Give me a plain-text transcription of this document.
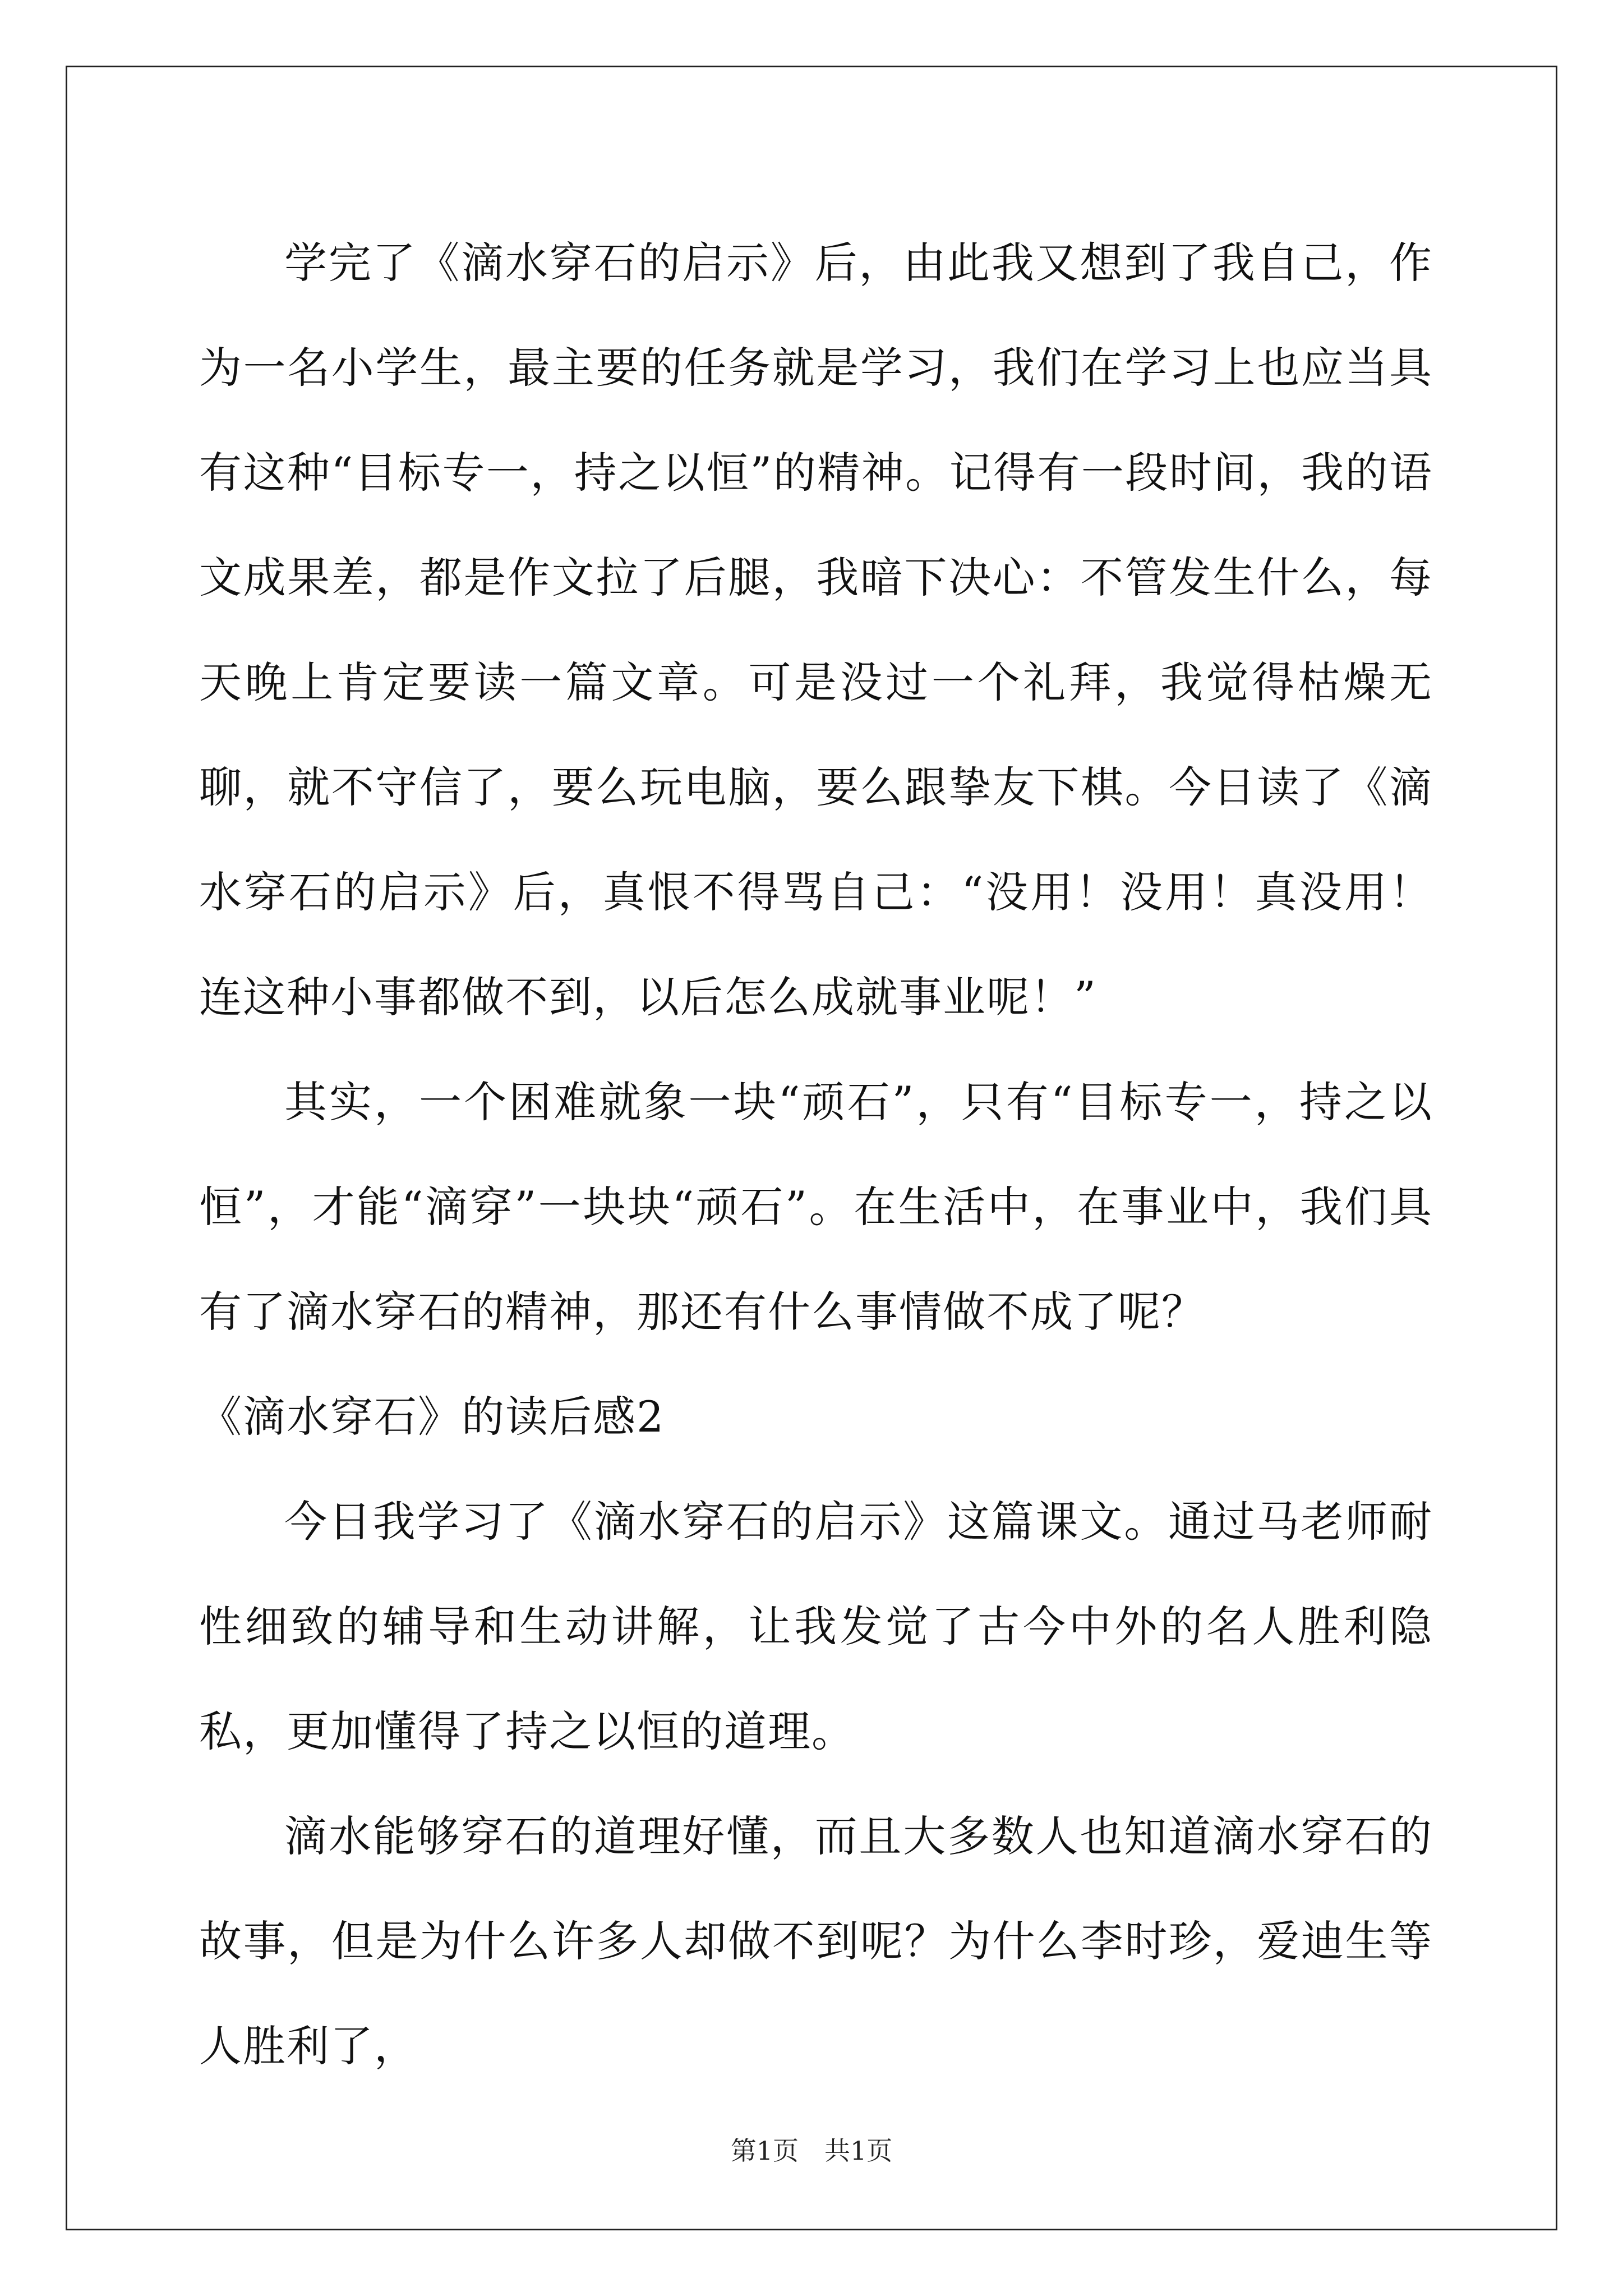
学完了《滴水穿石的启示》后，由此我又想到了我自己，作为一名小学生，最主要的任务就是学习，我们在学习上也应当具有这种“目标专一，持之以恒”的精神。记得有一段时间，我的语文成果差，都是作文拉了后腿，我暗下决心：不管发生什么，每天晚上肯定要读一篇文章。可是没过一个礼拜，我觉得枯燥无聊，就不守信了，要么玩电脑，要么跟挚友下棋。今日读了《滴水穿石的启示》后，真恨不得骂自己：“没用！没用！真没用！连这种小事都做不到，以后怎么成就事业呢！”

其实，一个困难就象一块“顽石”，只有“目标专一，持之以恒”，才能“滴穿”一块块“顽石”。在生活中，在事业中，我们具有了滴水穿石的精神，那还有什么事情做不成了呢？

《滴水穿石》的读后感2

今日我学习了《滴水穿石的启示》这篇课文。通过马老师耐性细致的辅导和生动讲解，让我发觉了古今中外的名人胜利隐私，更加懂得了持之以恒的道理。

滴水能够穿石的道理好懂，而且大多数人也知道滴水穿石的故事，但是为什么许多人却做不到呢？为什么李时珍，爱迪生等人胜利了，

第1页 共1页
